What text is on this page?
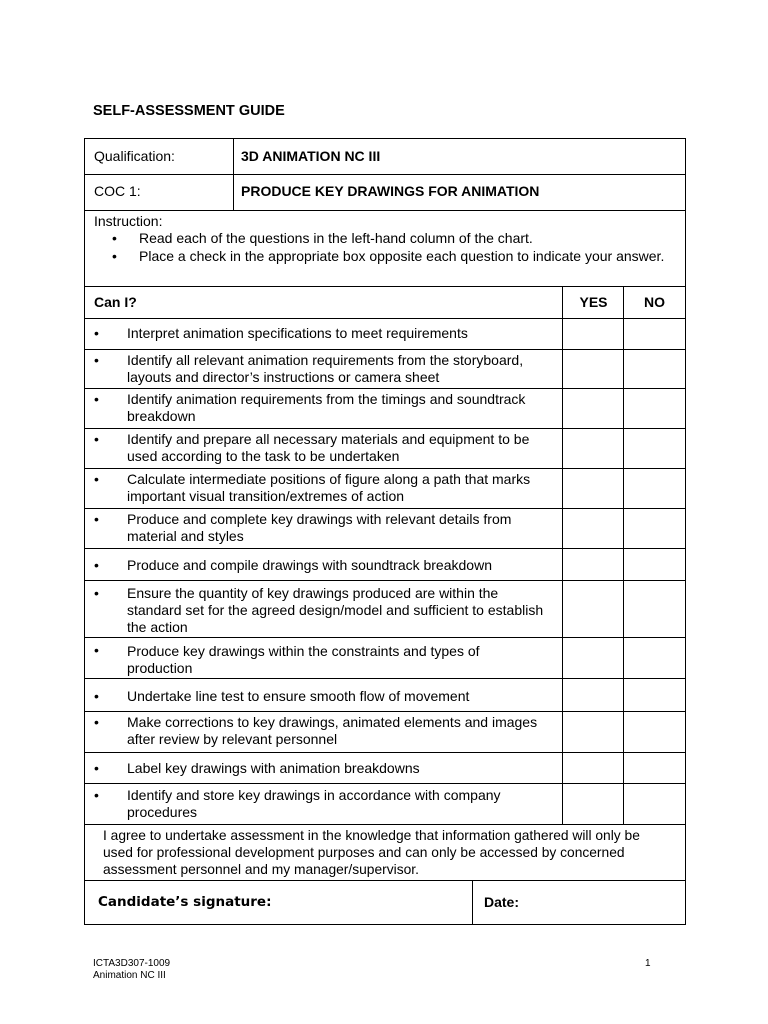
SELF-ASSESSMENT GUIDE
Qualification:	3D ANIMATION NC III
COC 1:	PRODUCE KEY DRAWINGS FOR ANIMATION
Instruction:
• Read each of the questions in the left-hand column of the chart.
• Place a check in the appropriate box opposite each question to indicate your answer.
Can I?	YES	NO
• Interpret animation specifications to meet requirements
• Identify all relevant animation requirements from the storyboard, layouts and director’s instructions or camera sheet
• Identify animation requirements from the timings and soundtrack breakdown
• Identify and prepare all necessary materials and equipment to be used according to the task to be undertaken
• Calculate intermediate positions of figure along a path that marks important visual transition/extremes of action
• Produce and complete key drawings with relevant details from material and styles
• Produce and compile drawings with soundtrack breakdown
• Ensure the quantity of key drawings produced are within the standard set for the agreed design/model and sufficient to establish the action
• Produce key drawings within the constraints and types of production
• Undertake line test to ensure smooth flow of movement
• Make corrections to key drawings, animated elements and images after review by relevant personnel
• Label key drawings with animation breakdowns
• Identify and store key drawings in accordance with company procedures
I agree to undertake assessment in the knowledge that information gathered will only be used for professional development purposes and can only be accessed by concerned assessment personnel and my manager/supervisor.
Candidate’s signature:	Date:
ICTA3D307-1009
Animation NC III
1
